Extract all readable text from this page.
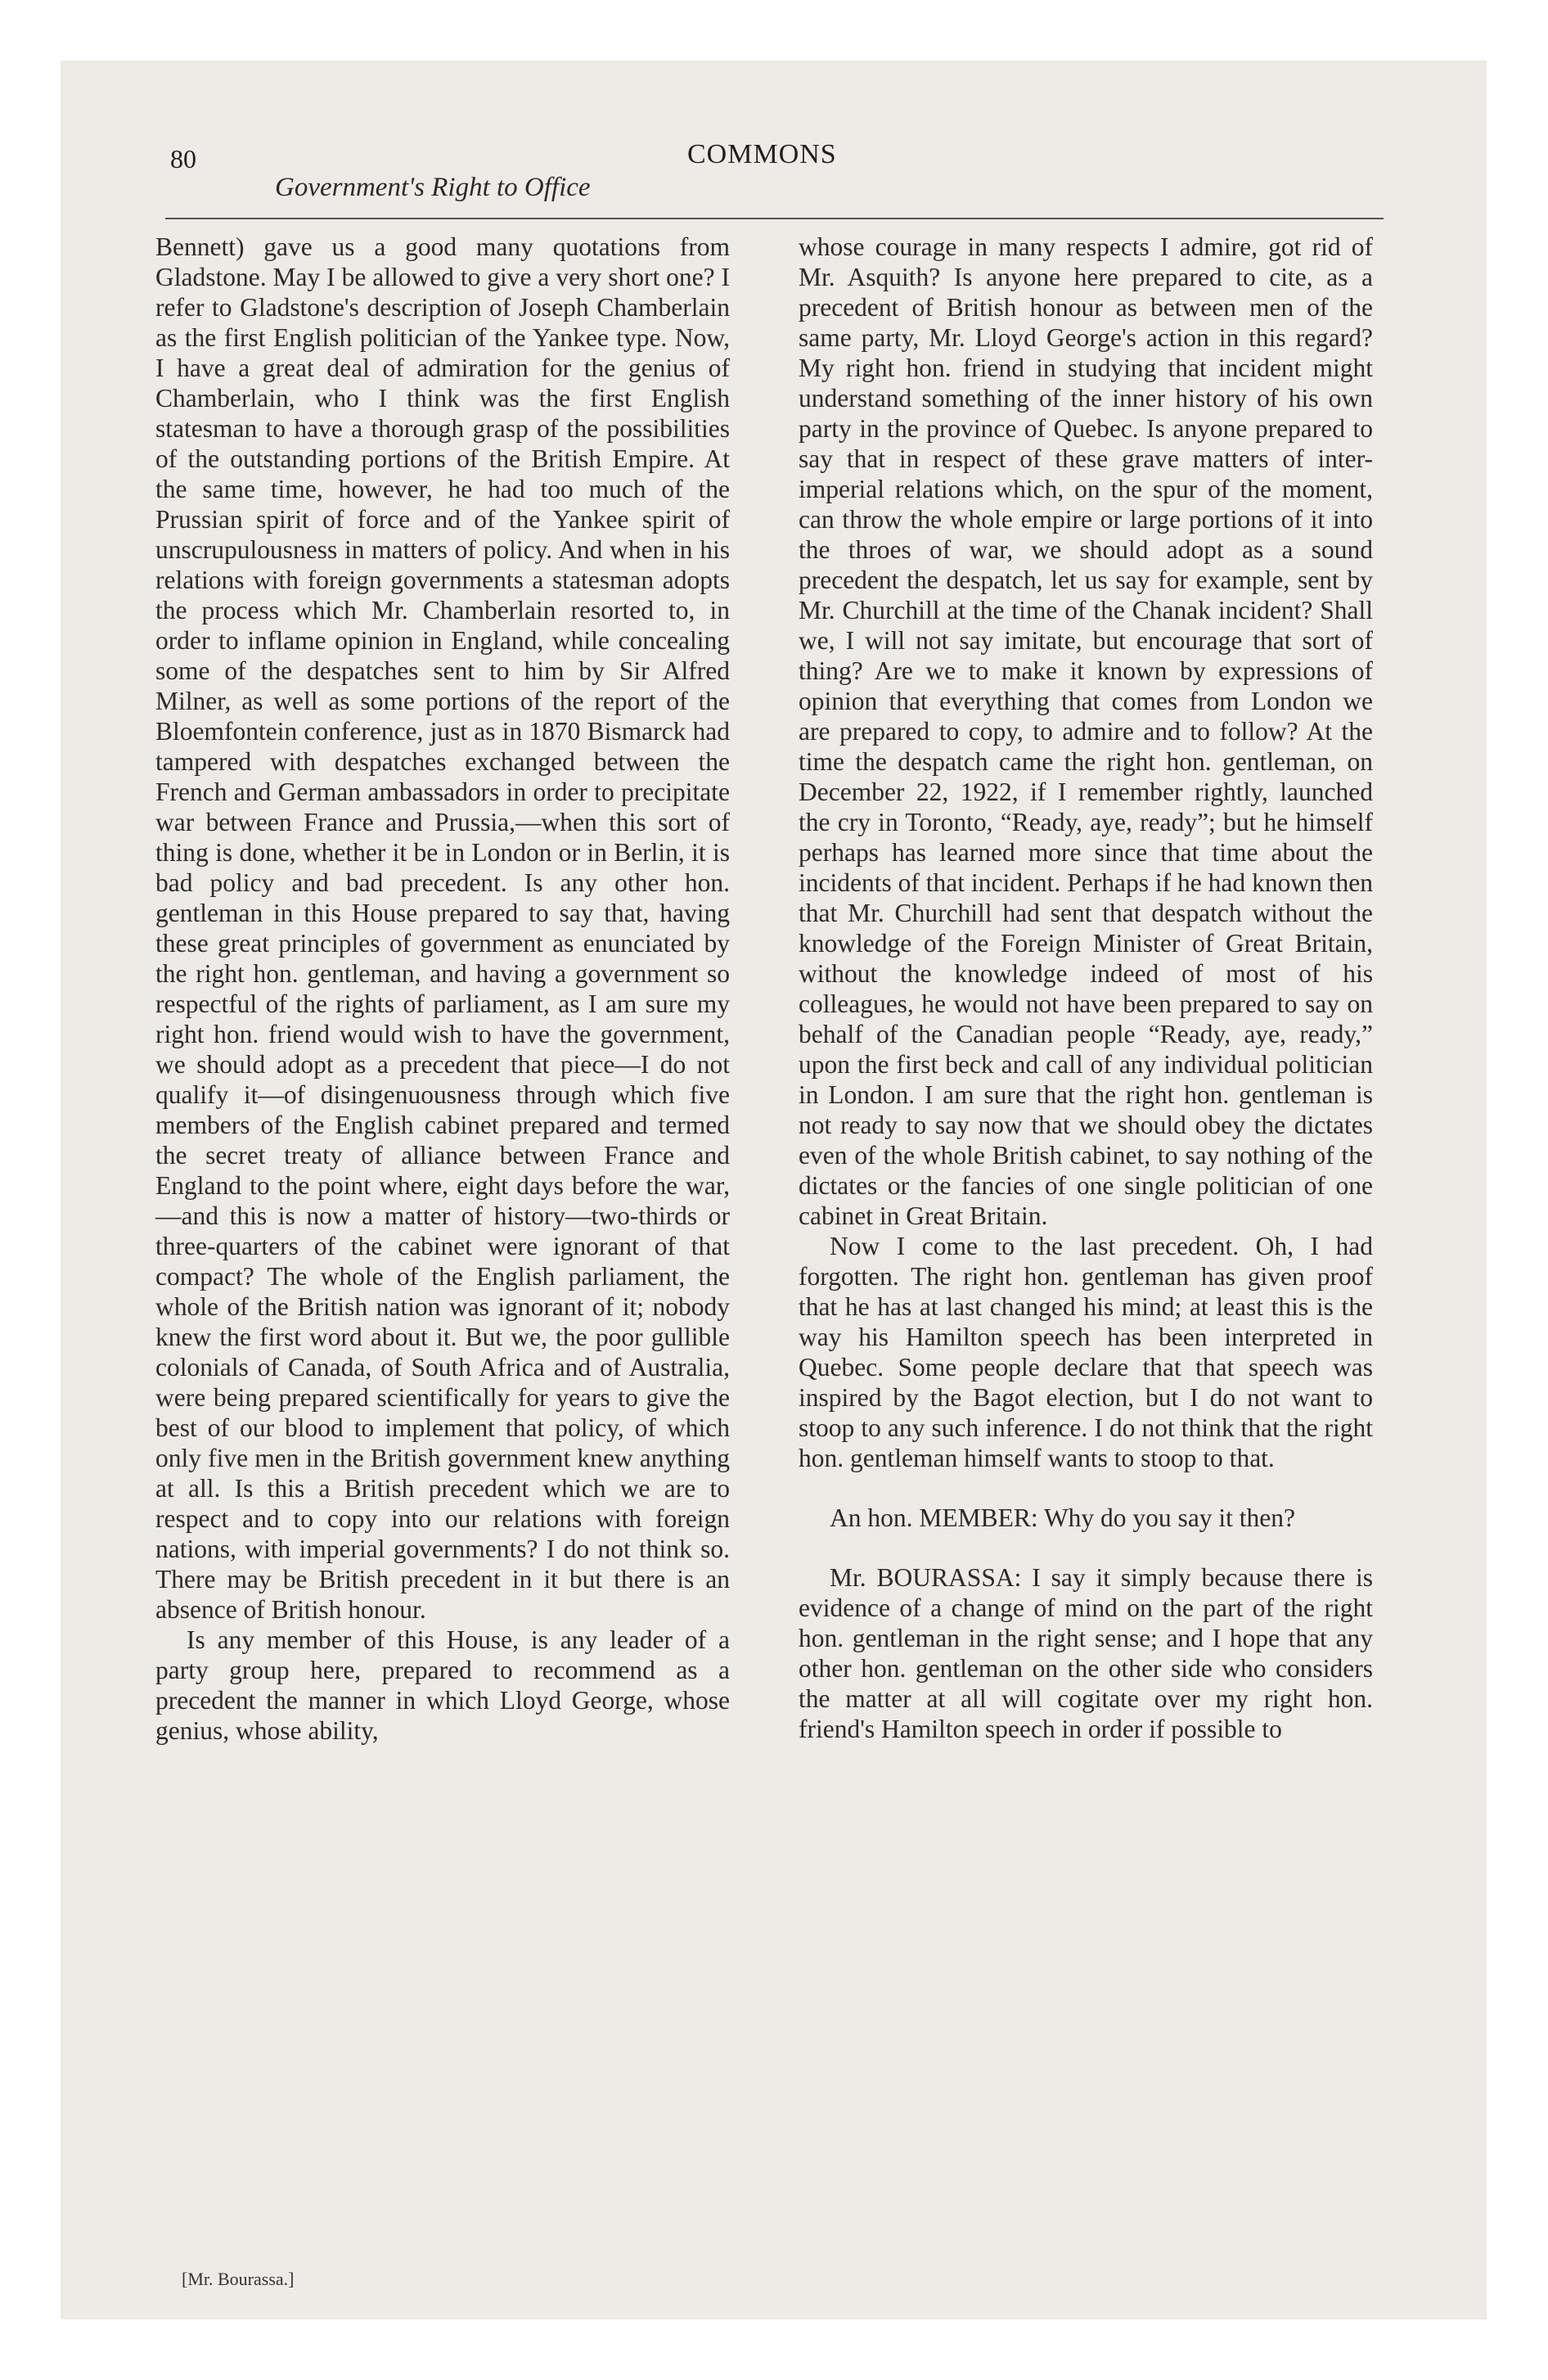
80	COMMONS
Government's Right to Office

Bennett) gave us a good many quotations from Gladstone. May I be allowed to give a very short one? I refer to Gladstone's description of Joseph Chamberlain as the first English politician of the Yankee type. Now, I have a great deal of admiration for the genius of Chamberlain, who I think was the first English statesman to have a thorough grasp of the possibilities of the outstanding portions of the British Empire. At the same time, however, he had too much of the Prussian spirit of force and of the Yankee spirit of unscrupulousness in matters of policy. And when in his relations with foreign governments a statesman adopts the process which Mr. Chamberlain resorted to, in order to inflame opinion in England, while concealing some of the despatches sent to him by Sir Alfred Milner, as well as some portions of the report of the Bloemfontein conference, just as in 1870 Bismarck had tampered with despatches exchanged between the French and German ambassadors in order to precipitate war between France and Prussia,—when this sort of thing is done, whether it be in London or in Berlin, it is bad policy and bad precedent. Is any other hon. gentleman in this House prepared to say that, having these great principles of government as enunciated by the right hon. gentleman, and having a government so respectful of the rights of parliament, as I am sure my right hon. friend would wish to have the government, we should adopt as a precedent that piece—I do not qualify it—of disingenuousness through which five members of the English cabinet prepared and termed the secret treaty of alliance between France and England to the point where, eight days before the war,—and this is now a matter of history—two-thirds or three-quarters of the cabinet were ignorant of that compact? The whole of the English parliament, the whole of the British nation was ignorant of it; nobody knew the first word about it. But we, the poor gullible colonials of Canada, of South Africa and of Australia, were being prepared scientifically for years to give the best of our blood to implement that policy, of which only five men in the British government knew anything at all. Is this a British precedent which we are to respect and to copy into our relations with foreign nations, with imperial governments? I do not think so. There may be British precedent in it but there is an absence of British honour.

Is any member of this House, is any leader of a party group here, prepared to recommend as a precedent the manner in which Lloyd George, whose genius, whose ability,

whose courage in many respects I admire, got rid of Mr. Asquith? Is anyone here prepared to cite, as a precedent of British honour as between men of the same party, Mr. Lloyd George's action in this regard? My right hon. friend in studying that incident might understand something of the inner history of his own party in the province of Quebec. Is anyone prepared to say that in respect of these grave matters of inter-imperial relations which, on the spur of the moment, can throw the whole empire or large portions of it into the throes of war, we should adopt as a sound precedent the despatch, let us say for example, sent by Mr. Churchill at the time of the Chanak incident? Shall we, I will not say imitate, but encourage that sort of thing? Are we to make it known by expressions of opinion that everything that comes from London we are prepared to copy, to admire and to follow? At the time the despatch came the right hon. gentleman, on December 22, 1922, if I remember rightly, launched the cry in Toronto, “Ready, aye, ready”; but he himself perhaps has learned more since that time about the incidents of that incident. Perhaps if he had known then that Mr. Churchill had sent that despatch without the knowledge of the Foreign Minister of Great Britain, without the knowledge indeed of most of his colleagues, he would not have been prepared to say on behalf of the Canadian people “Ready, aye, ready,” upon the first beck and call of any individual politician in London. I am sure that the right hon. gentleman is not ready to say now that we should obey the dictates even of the whole British cabinet, to say nothing of the dictates or the fancies of one single politician of one cabinet in Great Britain.

Now I come to the last precedent. Oh, I had forgotten. The right hon. gentleman has given proof that he has at last changed his mind; at least this is the way his Hamilton speech has been interpreted in Quebec. Some people declare that that speech was inspired by the Bagot election, but I do not want to stoop to any such inference. I do not think that the right hon. gentleman himself wants to stoop to that.

An hon. MEMBER: Why do you say it then?

Mr. BOURASSA: I say it simply because there is evidence of a change of mind on the part of the right hon. gentleman in the right sense; and I hope that any other hon. gentleman on the other side who considers the matter at all will cogitate over my right hon. friend's Hamilton speech in order if possible to

[Mr. Bourassa.]
